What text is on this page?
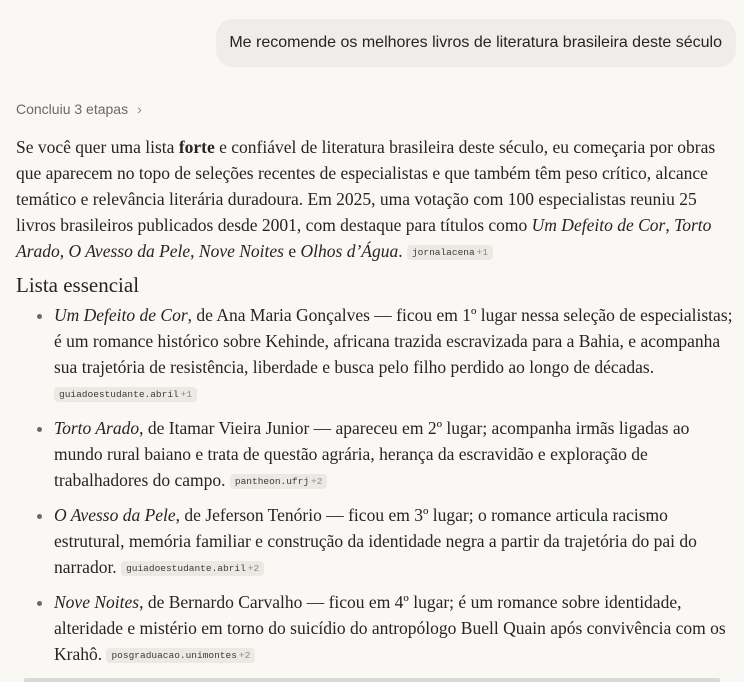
Me recomende os melhores livros de literatura brasileira deste século
Concluiu 3 etapas ›

Se você quer uma lista forte e confiável de literatura brasileira deste século, eu começaria por obras que aparecem no topo de seleções recentes de especialistas e que também têm peso crítico, alcance temático e relevância literária duradoura. Em 2025, uma votação com 100 especialistas reuniu 25 livros brasileiros publicados desde 2001, com destaque para títulos como Um Defeito de Cor, Torto Arado, O Avesso da Pele, Nove Noites e Olhos d’Água. jornalacena +1

Lista essencial
• Um Defeito de Cor, de Ana Maria Gonçalves — ficou em 1º lugar nessa seleção de especialistas; é um romance histórico sobre Kehinde, africana trazida escravizada para a Bahia, e acompanha sua trajetória de resistência, liberdade e busca pelo filho perdido ao longo de décadas. guiadoestudante.abril +1
• Torto Arado, de Itamar Vieira Junior — apareceu em 2º lugar; acompanha irmãs ligadas ao mundo rural baiano e trata de questão agrária, herança da escravidão e exploração de trabalhadores do campo. pantheon.ufrj +2
• O Avesso da Pele, de Jeferson Tenório — ficou em 3º lugar; o romance articula racismo estrutural, memória familiar e construção da identidade negra a partir da trajetória do pai do narrador. guiadoestudante.abril +2
• Nove Noites, de Bernardo Carvalho — ficou em 4º lugar; é um romance sobre identidade, alteridade e mistério em torno do suicídio do antropólogo Buell Quain após convivência com os Krahô. posgraduacao.unimontes +2
